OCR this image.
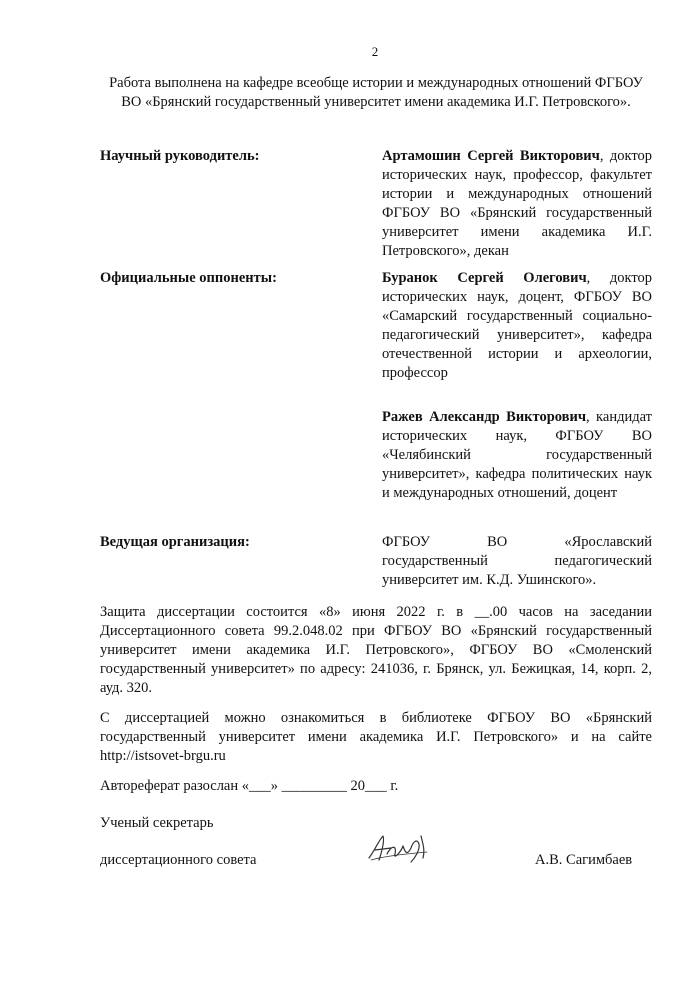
2
Работа выполнена на кафедре всеобще истории и международных отношений ФГБОУ ВО «Брянский государственный университет имени академика И.Г. Петровского».
Научный руководитель:	Артамошин Сергей Викторович, доктор исторических наук, профессор, факультет истории и международных отношений ФГБОУ ВО «Брянский государственный университет имени академика И.Г. Петровского», декан
Официальные оппоненты:	Буранок Сергей Олегович, доктор исторических наук, доцент, ФГБОУ ВО «Самарский государственный социально-педагогический университет», кафедра отечественной истории и археологии, профессор
Ражев Александр Викторович, кандидат исторических наук, ФГБОУ ВО «Челябинский государственный университет», кафедра политических наук и международных отношений, доцент
Ведущая организация:	ФГБОУ ВО «Ярославский государственный педагогический университет им. К.Д. Ушинского».
Защита диссертации состоится «8» июня 2022 г. в __.00 часов на заседании Диссертационного совета 99.2.048.02 при ФГБОУ ВО «Брянский государственный университет имени академика И.Г. Петровского», ФГБОУ ВО «Смоленский государственный университет» по адресу: 241036, г. Брянск, ул. Бежицкая, 14, корп. 2, ауд. 320.
С диссертацией можно ознакомиться в библиотеке ФГБОУ ВО «Брянский государственный университет имени академика И.Г. Петровского» и на сайте http://istsovet-brgu.ru
Автореферат разослан «___» _________ 20___ г.
Ученый секретарь
диссертационного совета	А.В. Сагимбаев
